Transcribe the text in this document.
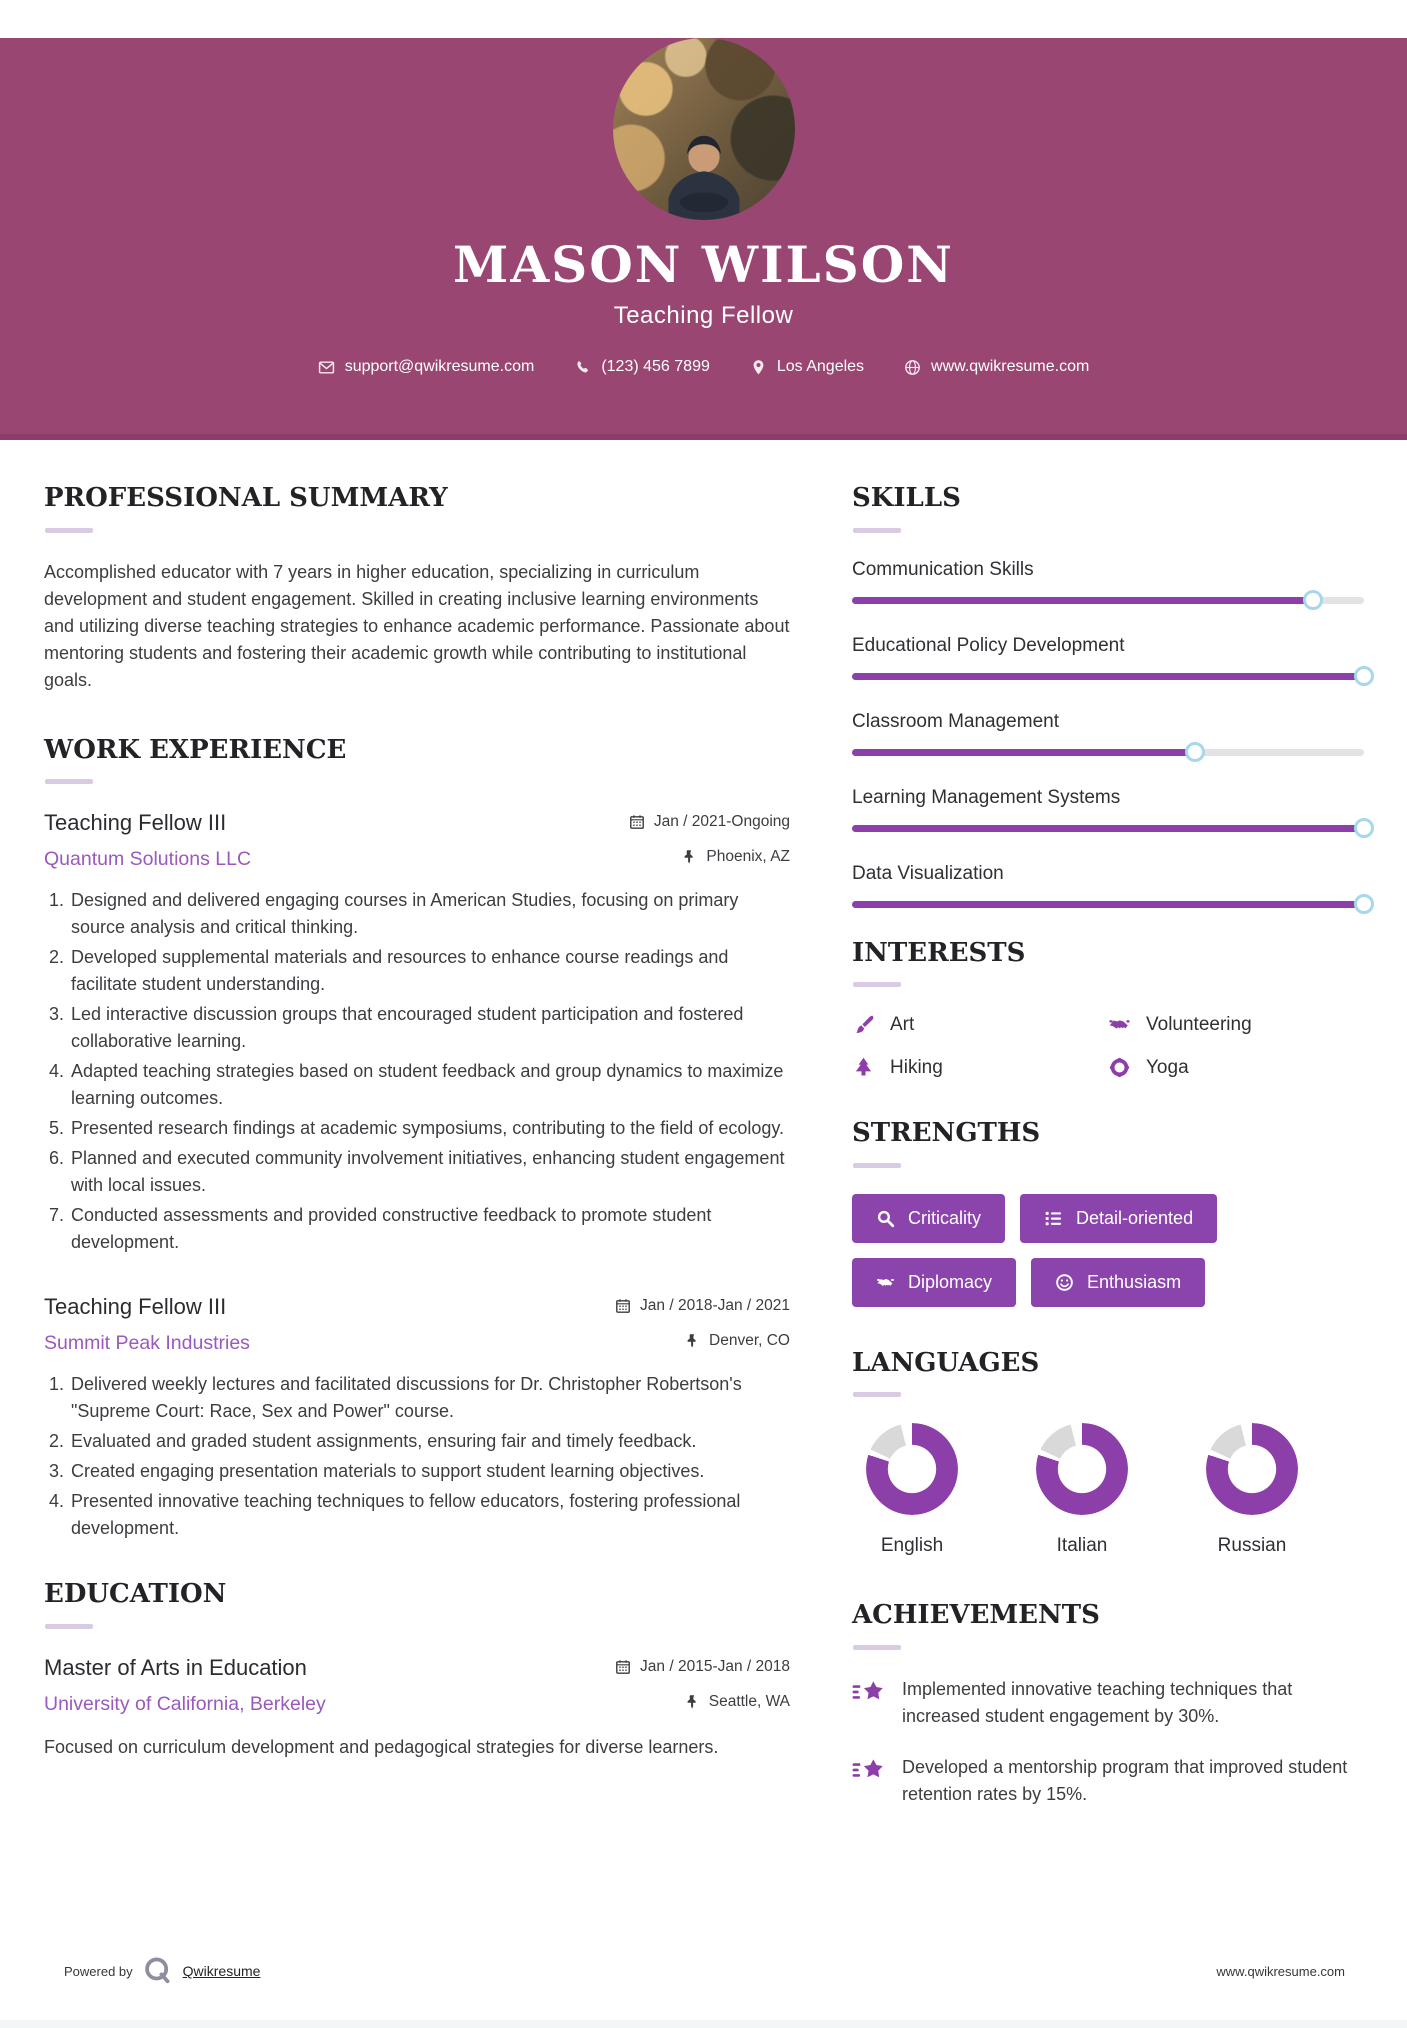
MASON WILSON
Teaching Fellow
support@qwikresume.com	(123) 456 7899	Los Angeles	www.qwikresume.com
PROFESSIONAL SUMMARY

Accomplished educator with 7 years in higher education, specializing in curriculum development and student engagement. Skilled in creating inclusive learning environments and utilizing diverse teaching strategies to enhance academic performance. Passionate about mentoring students and fostering their academic growth while contributing to institutional goals.

WORK EXPERIENCE
Teaching Fellow III	Jan / 2021-Ongoing
Quantum Solutions LLC	Phoenix, AZ
1. Designed and delivered engaging courses in American Studies, focusing on primary source analysis and critical thinking.
2. Developed supplemental materials and resources to enhance course readings and facilitate student understanding.
3. Led interactive discussion groups that encouraged student participation and fostered collaborative learning.
4. Adapted teaching strategies based on student feedback and group dynamics to maximize learning outcomes.
5. Presented research findings at academic symposiums, contributing to the field of ecology.
6. Planned and executed community involvement initiatives, enhancing student engagement with local issues.
7. Conducted assessments and provided constructive feedback to promote student development.
Teaching Fellow III	Jan / 2018-Jan / 2021
Summit Peak Industries	Denver, CO
1. Delivered weekly lectures and facilitated discussions for Dr. Christopher Robertson's "Supreme Court: Race, Sex and Power" course.
2. Evaluated and graded student assignments, ensuring fair and timely feedback.
3. Created engaging presentation materials to support student learning objectives.
4. Presented innovative teaching techniques to fellow educators, fostering professional development.
EDUCATION
Master of Arts in Education	Jan / 2015-Jan / 2018
University of California, Berkeley	Seattle, WA

Focused on curriculum development and pedagogical strategies for diverse learners.

SKILLS
Communication Skills
Educational Policy Development
Classroom Management
Learning Management Systems
Data Visualization
INTERESTS
Art	Volunteering
Hiking	Yoga
STRENGTHS
Criticality	Detail-oriented
Diplomacy	Enthusiasm
LANGUAGES
English	Italian	Russian
ACHIEVEMENTS
Implemented innovative teaching techniques that increased student engagement by 30%.
Developed a mentorship program that improved student retention rates by 15%.
Powered by	Qwikresume	www.qwikresume.com
